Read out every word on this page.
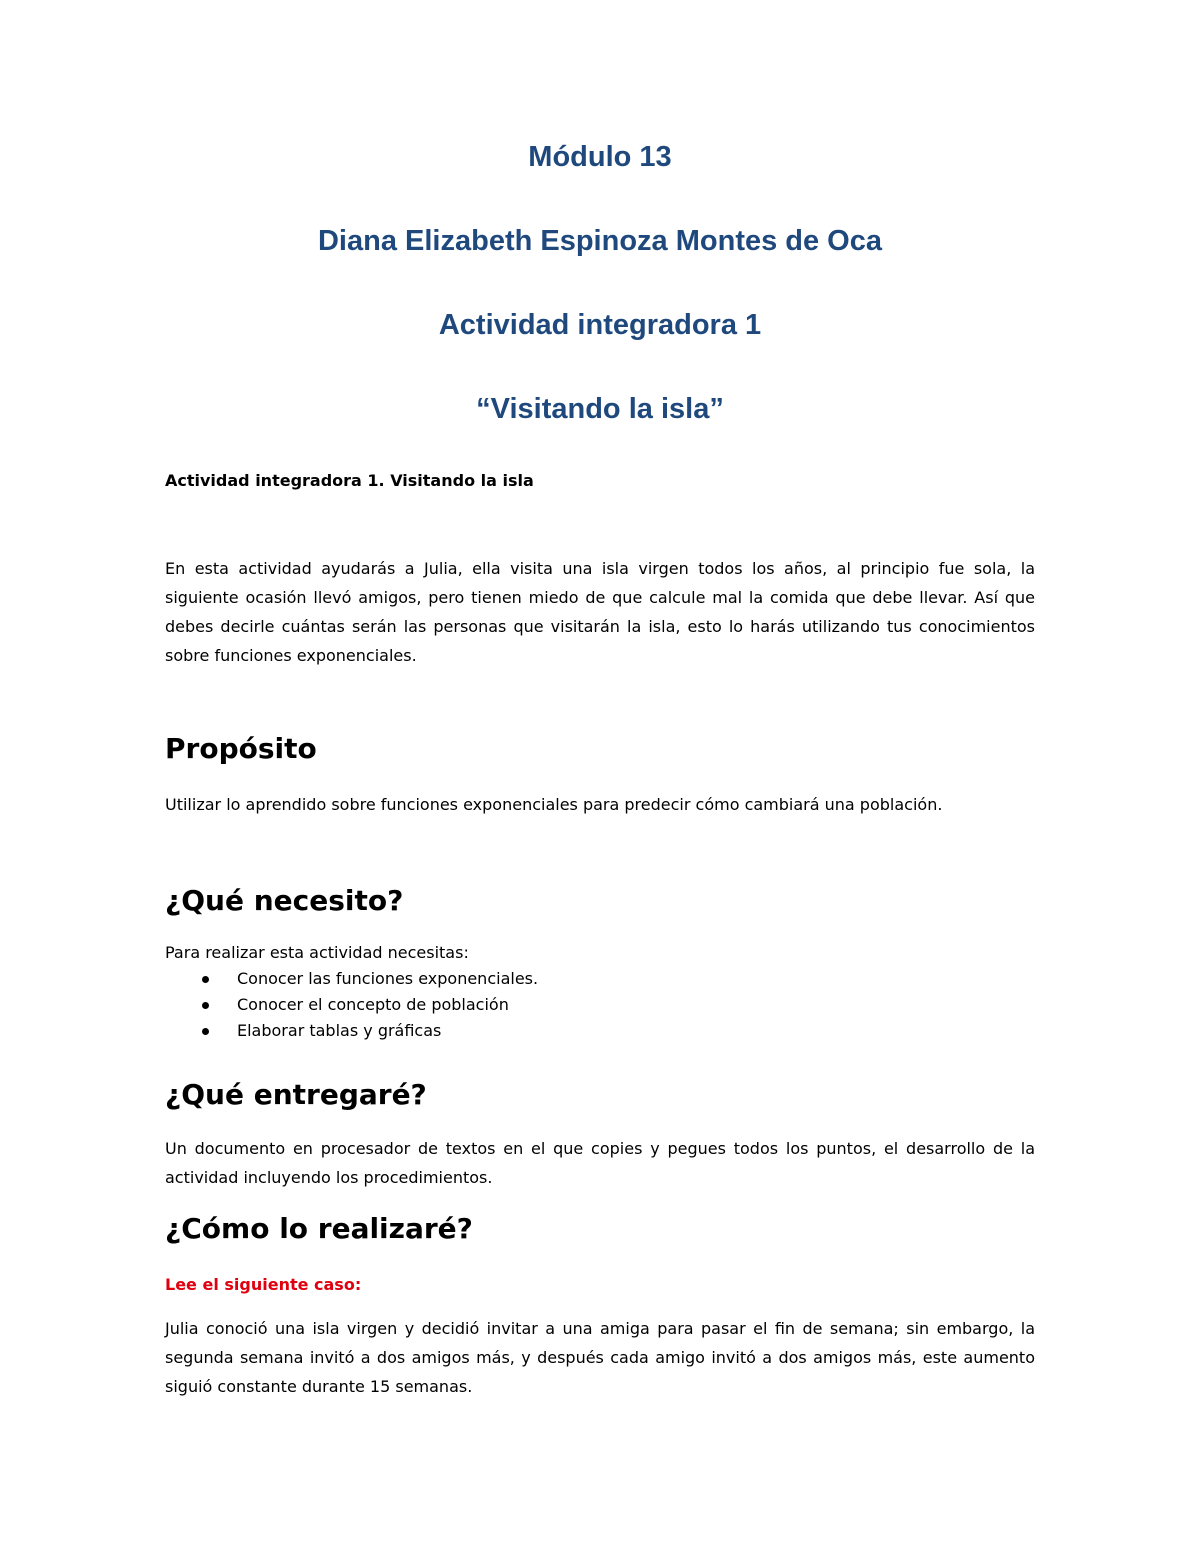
Módulo 13
Diana Elizabeth Espinoza Montes de Oca
Actividad integradora 1
“Visitando la isla”

Actividad integradora 1. Visitando la isla

En esta actividad ayudarás a Julia, ella visita una isla virgen todos los años, al principio fue sola, la siguiente ocasión llevó amigos, pero tienen miedo de que calcule mal la comida que debe llevar. Así que debes decirle cuántas serán las personas que visitarán la isla, esto lo harás utilizando tus conocimientos sobre funciones exponenciales.

Propósito

Utilizar lo aprendido sobre funciones exponenciales para predecir cómo cambiará una población.

¿Qué necesito?

Para realizar esta actividad necesitas:

Conocer las funciones exponenciales.
Conocer el concepto de población
Elaborar tablas y gráficas
¿Qué entregaré?

Un documento en procesador de textos en el que copies y pegues todos los puntos, el desarrollo de la actividad incluyendo los procedimientos.

¿Cómo lo realizaré?

Lee el siguiente caso:

Julia conoció una isla virgen y decidió invitar a una amiga para pasar el fin de semana; sin embargo, la segunda semana invitó a dos amigos más, y después cada amigo invitó a dos amigos más, este aumento siguió constante durante 15 semanas.
